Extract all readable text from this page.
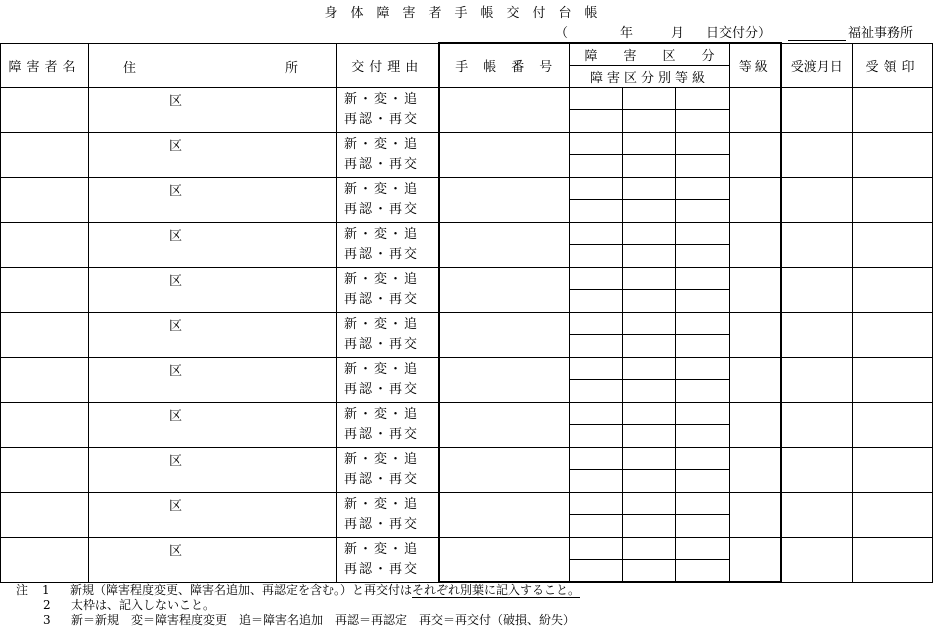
身体障害者手帳交付台帳
（	年	月 日交付分）	福祉事務所
障害者名	住 所	交付理由	手　帳　番　号	障　　害　　区　　分			等級	受渡月日	受領印
				障害区分別等級					

	区	新・変・追
再認・再交							

	区	新・変・追
再認・再交							

	区	新・変・追
再認・再交							

	区	新・変・追
再認・再交							

	区	新・変・追
再認・再交							

	区	新・変・追
再認・再交							

	区	新・変・追
再認・再交							

	区	新・変・追
再認・再交							

	区	新・変・追
再認・再交							

	区	新・変・追
再認・再交							

	区	新・変・追
再認・再交							

注 1 新規（障害程度変更、障害名追加、再認定を含む。）と再交付はそれぞれ別葉に記入すること。
2 太枠は、記入しないこと。
3 新＝新規　変＝障害程度変更　追＝障害名追加　再認＝再認定　再交＝再交付（破損、紛失）
